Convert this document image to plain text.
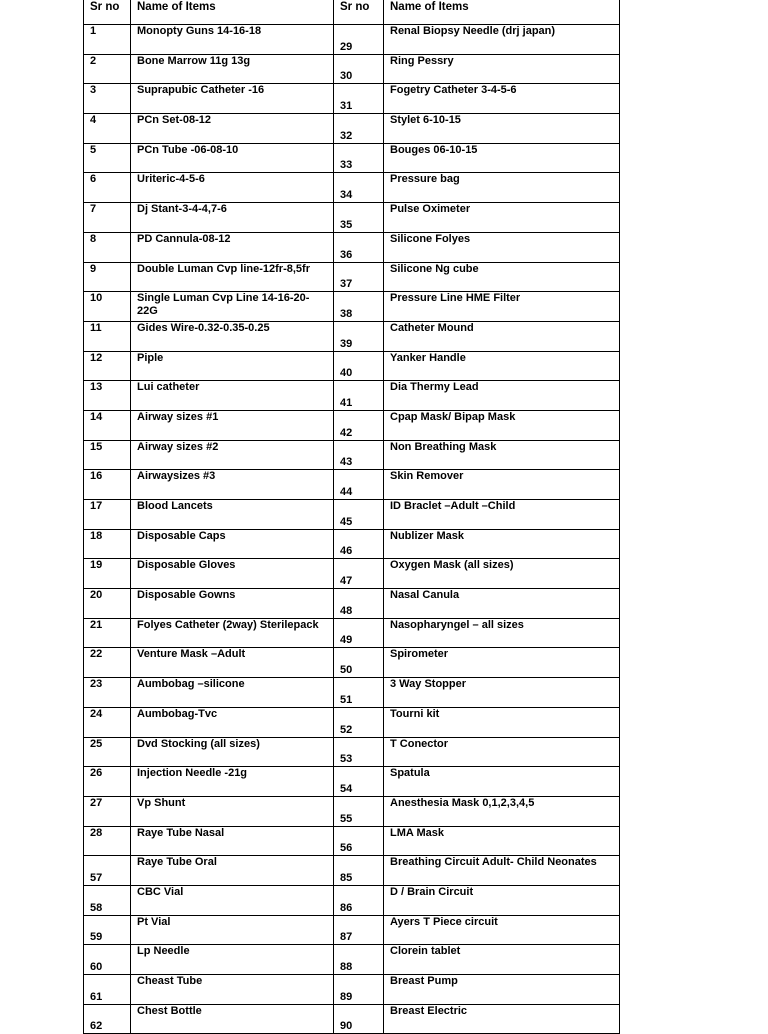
Sr no	Name of Items	Sr no	Name of Items
1	Monopty Guns 14-16-18	29	Renal Biopsy Needle (drj japan)
2	Bone Marrow 11g 13g	30	Ring Pessry
3	Suprapubic Catheter -16	31	Fogetry Catheter 3-4-5-6
4	PCn Set-08-12	32	Stylet 6-10-15
5	PCn Tube -06-08-10	33	Bouges 06-10-15
6	Uriteric-4-5-6	34	Pressure bag
7	Dj Stant-3-4-4,7-6	35	Pulse Oximeter
8	PD Cannula-08-12	36	Silicone Folyes
9	Double Luman Cvp line-12fr-8,5fr	37	Silicone Ng cube
10	Single Luman Cvp Line 14-16-20-22G	38	Pressure Line HME Filter
11	Gides Wire-0.32-0.35-0.25	39	Catheter Mound
12	Piple	40	Yanker Handle
13	Lui catheter	41	Dia Thermy Lead
14	Airway sizes #1	42	Cpap Mask/ Bipap Mask
15	Airway sizes #2	43	Non Breathing Mask
16	Airwaysizes #3	44	Skin Remover
17	Blood Lancets	45	ID Braclet –Adult –Child
18	Disposable Caps	46	Nublizer Mask
19	Disposable Gloves	47	Oxygen Mask (all sizes)
20	Disposable Gowns	48	Nasal Canula
21	Folyes Catheter (2way) Sterilepack	49	Nasopharyngel – all sizes
22	Venture Mask –Adult	50	Spirometer
23	Aumbobag –silicone	51	3 Way Stopper
24	Aumbobag-Tvc	52	Tourni kit
25	Dvd Stocking (all sizes)	53	T Conector
26	Injection Needle -21g	54	Spatula
27	Vp Shunt	55	Anesthesia Mask 0,1,2,3,4,5
28	Raye Tube Nasal	56	LMA Mask
57	Raye Tube Oral	85	Breathing Circuit Adult- Child Neonates
58	CBC Vial	86	D / Brain Circuit
59	Pt Vial	87	Ayers T Piece circuit
60	Lp Needle	88	Clorein tablet
61	Cheast Tube	89	Breast Pump
62	Chest Bottle	90	Breast Electric
